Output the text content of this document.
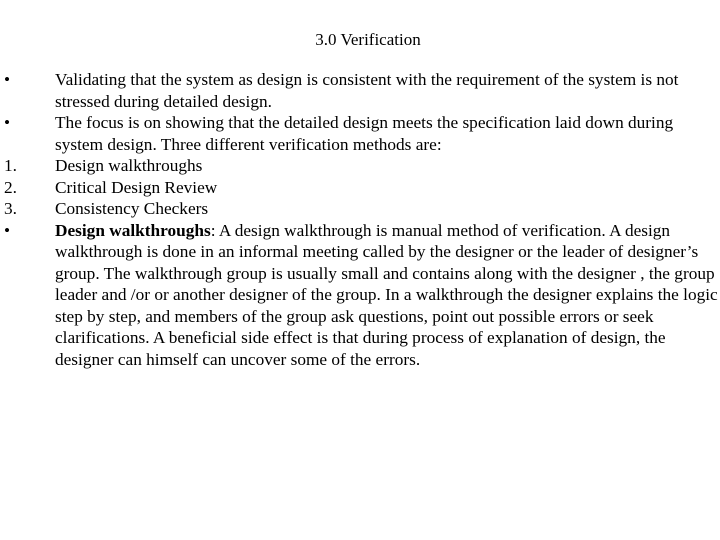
3.0 Verification
•	Validating that the system as design is consistent with the requirement of the system is not stressed during detailed design.
•	The focus is on showing that the detailed design meets the specification laid down during system design. Three different verification methods are:
1.	Design walkthroughs
2.	Critical Design Review
3.	Consistency Checkers
•	Design walkthroughs: A design walkthrough is manual method of verification. A design walkthrough is done in an informal meeting called by the designer or the leader of designer’s group. The walkthrough group is usually small and contains along with the designer , the group leader and /or or another designer of the group. In a walkthrough the designer explains the logic step by step, and members of the group ask questions, point out possible errors or seek clarifications. A beneficial side effect is that during process of explanation of design, the designer can himself can uncover some of the errors.
